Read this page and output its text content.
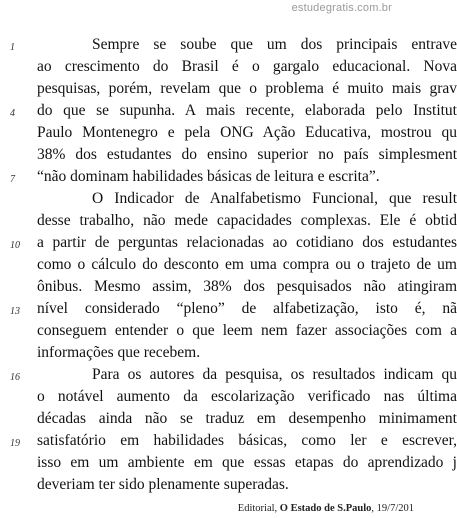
estudegratis.com.br
1
4
7
10
13
16
19
Sempre se soube que um dos principais entrave
ao crescimento do Brasil é o gargalo educacional. Nova
pesquisas, porém, revelam que o problema é muito mais grav
do que se supunha. A mais recente, elaborada pelo Institut
Paulo Montenegro e pela ONG Ação Educativa, mostrou qu
38% dos estudantes do ensino superior no país simplesment
“não dominam habilidades básicas de leitura e escrita”.
O Indicador de Analfabetismo Funcional, que result
desse trabalho, não mede capacidades complexas. Ele é obtid
a partir de perguntas relacionadas ao cotidiano dos estudantes
como o cálculo do desconto em uma compra ou o trajeto de um
ônibus. Mesmo assim, 38% dos pesquisados não atingiram
nível considerado “pleno” de alfabetização, isto é, nã
conseguem entender o que leem nem fazer associações com a
informações que recebem.
Para os autores da pesquisa, os resultados indicam qu
o notável aumento da escolarização verificado nas última
décadas ainda não se traduz em desempenho minimament
satisfatório em habilidades básicas, como ler e escrever,
isso em um ambiente em que essas etapas do aprendizado j
deveriam ter sido plenamente superadas.
Editorial, O Estado de S.Paulo, 19/7/201
